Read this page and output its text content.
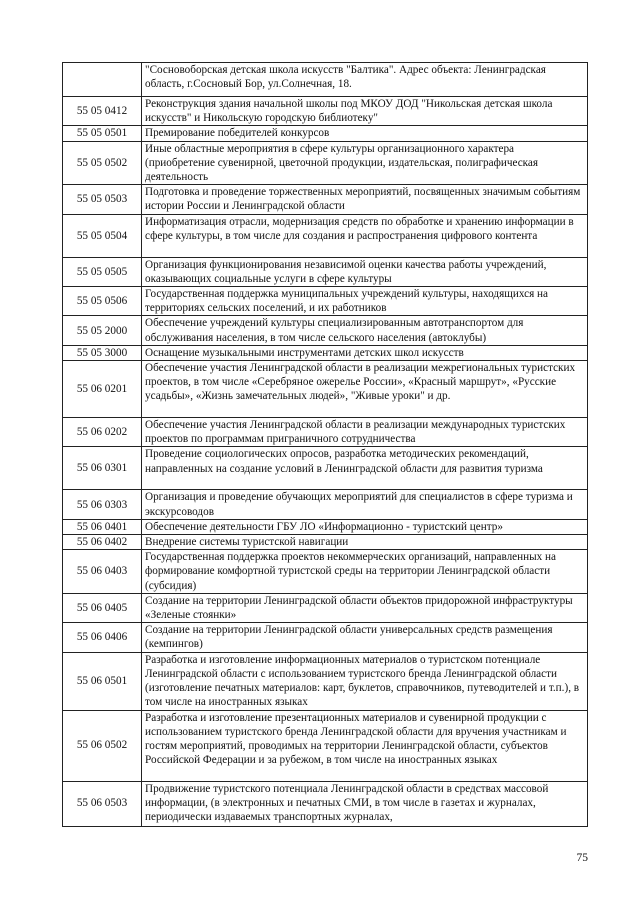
	"Сосновоборская детская школа искусств "Балтика". Адрес объекта: Ленинградская область, г.Сосновый Бор, ул.Солнечная, 18.
55 05 0412	Реконструкция здания начальной школы под МКОУ ДОД "Никольская детская школа искусств" и Никольскую городскую библиотеку"
55 05 0501	Премирование победителей конкурсов
55 05 0502	Иные областные мероприятия в сфере культуры организационного характера (приобретение сувенирной, цветочной продукции, издательская, полиграфическая деятельность
55 05 0503	Подготовка и проведение торжественных мероприятий, посвященных значимым событиям истории России и Ленинградской области
55 05 0504	Информатизация отрасли, модернизация средств по обработке и хранению информации в сфере культуры, в том числе для создания и распространения цифрового контента
55 05 0505	Организация функционирования независимой оценки качества работы учреждений, оказывающих социальные услуги в сфере культуры
55 05 0506	Государственная поддержка муниципальных учреждений культуры, находящихся на территориях сельских поселений, и их работников
55 05 2000	Обеспечение учреждений культуры специализированным автотранспортом для обслуживания населения, в том числе сельского населения (автоклубы)
55 05 3000	Оснащение музыкальными инструментами детских школ искусств
55 06 0201	Обеспечение участия Ленинградской области в реализации межрегиональных туристских проектов, в том числе «Серебряное ожерелье России», «Красный маршрут», «Русские усадьбы», «Жизнь замечательных людей», "Живые уроки" и др.
55 06 0202	Обеспечение участия Ленинградской области в реализации международных туристских проектов по программам приграничного сотрудничества
55 06 0301	Проведение социологических опросов, разработка методических рекомендаций, направленных на создание условий в Ленинградской области для развития туризма
55 06 0303	Организация и проведение обучающих мероприятий для специалистов в сфере туризма и экскурсоводов
55 06 0401	Обеспечение деятельности ГБУ ЛО «Информационно - туристский центр»
55 06 0402	Внедрение системы туристской навигации
55 06 0403	Государственная поддержка проектов некоммерческих организаций, направленных на формирование комфортной туристской среды на территории Ленинградской области (субсидия)
55 06 0405	Создание на территории Ленинградской области объектов придорожной инфраструктуры «Зеленые стоянки»
55 06 0406	Создание на территории Ленинградской области универсальных средств размещения (кемпингов)
55 06 0501	Разработка и изготовление информационных материалов о туристском потенциале Ленинградской области с использованием туристского бренда Ленинградской области (изготовление печатных материалов: карт, буклетов, справочников, путеводителей и т.п.), в том числе на иностранных языках
55 06 0502	Разработка и изготовление презентационных материалов и сувенирной продукции с использованием туристского бренда Ленинградской области для вручения участникам и гостям мероприятий, проводимых на территории Ленинградской области, субъектов Российской Федерации и за рубежом, в том числе на иностранных языках
55 06 0503	Продвижение туристского потенциала Ленинградской области в средствах массовой информации, (в электронных и печатных СМИ, в том числе в газетах и журналах, периодически издаваемых транспортных журналах,
75
